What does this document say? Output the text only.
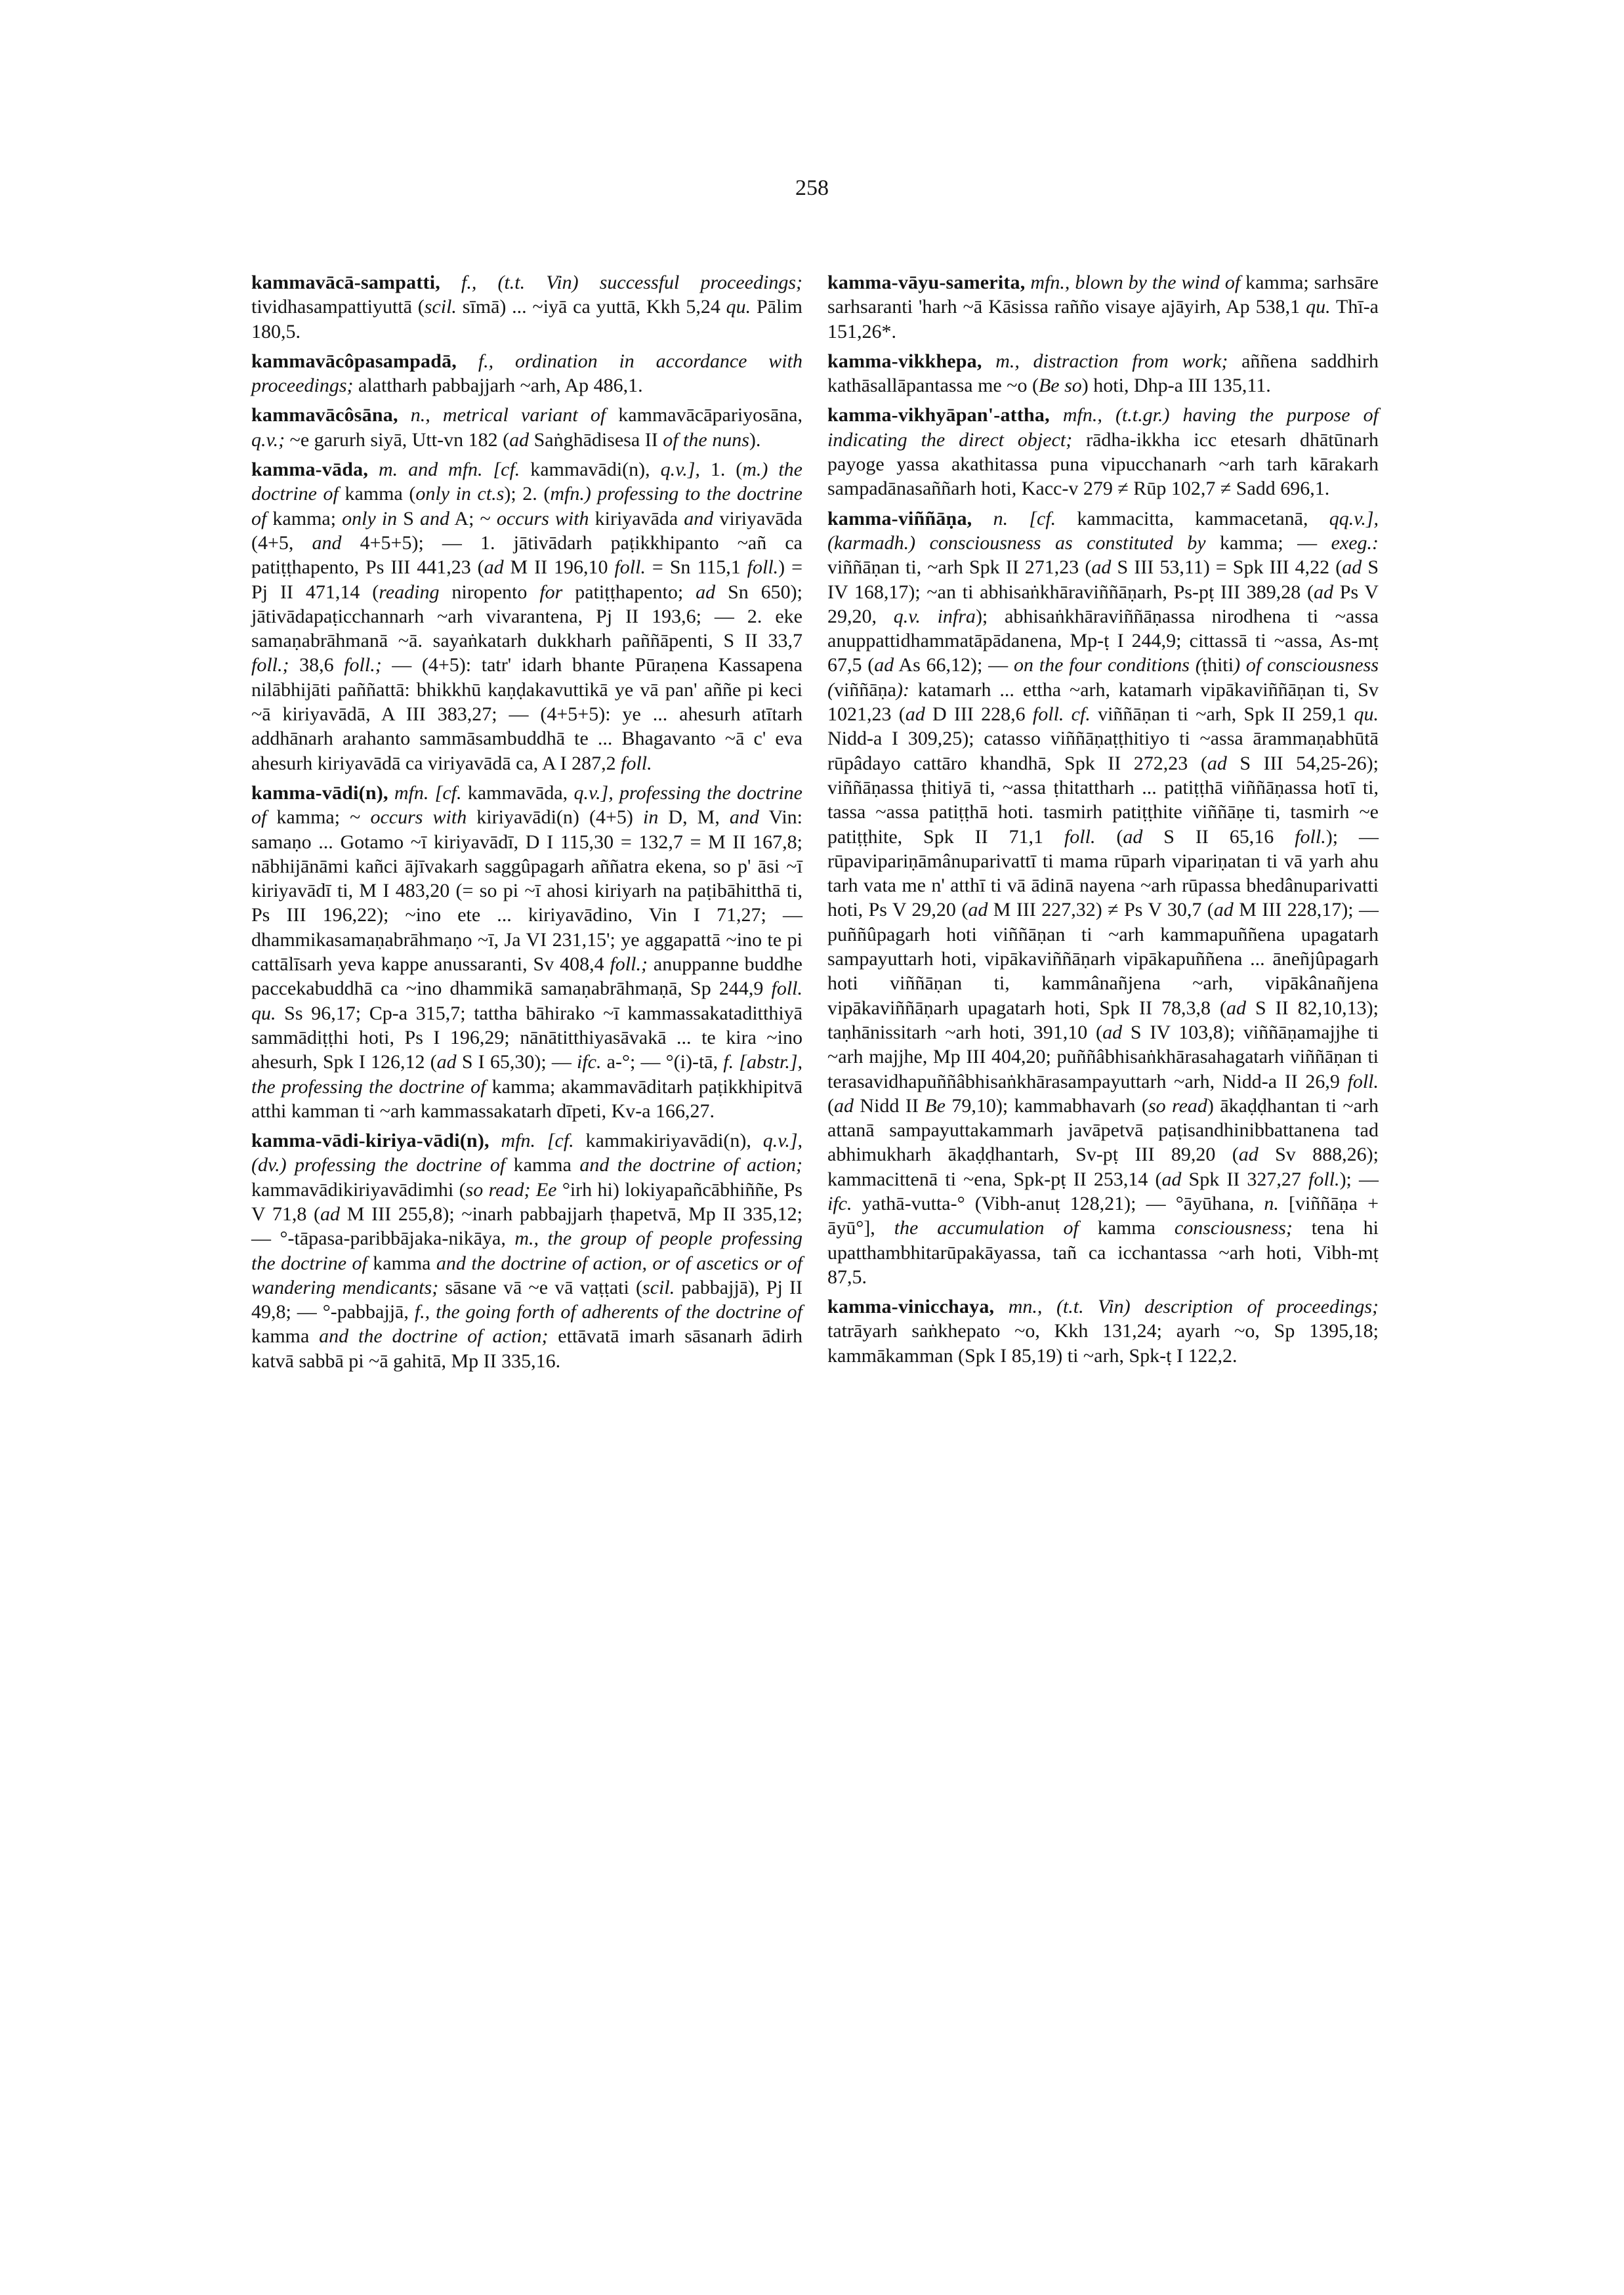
258

kammavācā-sampatti, f., (t.t. Vin) successful proceedings; tividhasampattiyuttā (scil. sīmā) ... ~iyā ca yuttā, Kkh 5,24 qu. Pālim 180,5.

kammavācôpasampadā, f., ordination in accordance with proceedings; alattharh pabbajjarh ~arh, Ap 486,1.

kammavācôsāna, n., metrical variant of kammavācāpariyosāna, q.v.; ~e garurh siyā, Utt-vn 182 (ad Saṅghādisesa II of the nuns).

kamma-vāda, m. and mfn. [cf. kammavādi(n), q.v.], 1. (m.) the doctrine of kamma (only in ct.s); 2. (mfn.) professing to the doctrine of kamma; only in S and A; ~ occurs with kiriyavāda and viriyavāda (4+5, and 4+5+5); — 1. jātivādarh paṭikkhipanto ~añ ca patiṭṭhapento, Ps III 441,23 (ad M II 196,10 foll. = Sn 115,1 foll.) = Pj II 471,14 (reading niropento for patiṭṭhapento; ad Sn 650); jātivādapaṭicchannarh ~arh vivarantena, Pj II 193,6; — 2. eke samaṇabrāhmanā ~ā. sayaṅkatarh dukkharh paññāpenti, S II 33,7 foll.; 38,6 foll.; — (4+5): tatr' idarh bhante Pūraṇena Kassapena nilābhijāti paññattā: bhikkhū kaṇḍakavuttikā ye vā pan' aññe pi keci ~ā kiriyavādā, A III 383,27; — (4+5+5): ye ... ahesurh atītarh addhānarh arahanto sammāsambuddhā te ... Bhagavanto ~ā c' eva ahesurh kiriyavādā ca viriyavādā ca, A I 287,2 foll.

kamma-vādi(n), mfn. [cf. kammavāda, q.v.], professing the doctrine of kamma; ~ occurs with kiriyavādi(n) (4+5) in D, M, and Vin: samaṇo ... Gotamo ~ī kiriyavādī, D I 115,30 = 132,7 = M II 167,8; nābhijānāmi kañci ājīvakarh saggûpagarh aññatra ekena, so p' āsi ~ī kiriyavādī ti, M I 483,20 (= so pi ~ī ahosi kiriyarh na paṭibāhitthā ti, Ps III 196,22); ~ino ete ... kiriyavādino, Vin I 71,27; — dhammikasamaṇabrāhmaṇo ~ī, Ja VI 231,15'; ye aggapattā ~ino te pi cattālīsarh yeva kappe anussaranti, Sv 408,4 foll.; anuppanne buddhe paccekabuddhā ca ~ino dhammikā samaṇabrāhmaṇā, Sp 244,9 foll. qu. Ss 96,17; Cp-a 315,7; tattha bāhirako ~ī kammassakataditthiyā sammādiṭṭhi hoti, Ps I 196,29; nānātitthiyasāvakā ... te kira ~ino ahesurh, Spk I 126,12 (ad S I 65,30); — ifc. a-°; — °(i)-tā, f. [abstr.], the professing the doctrine of kamma; akammavāditarh paṭikkhipitvā atthi kamman ti ~arh kammassakatarh dīpeti, Kv-a 166,27.

kamma-vādi-kiriya-vādi(n), mfn. [cf. kammakiriyavādi(n), q.v.], (dv.) professing the doctrine of kamma and the doctrine of action; kammavādikiriyavādimhi (so read; Ee °irh hi) lokiyapañcābhiññe, Ps V 71,8 (ad M III 255,8); ~inarh pabbajjarh ṭhapetvā, Mp II 335,12; — °-tāpasa-paribbājaka-nikāya, m., the group of people professing the doctrine of kamma and the doctrine of action, or of ascetics or of wandering mendicants; sāsane vā ~e vā vaṭṭati (scil. pabbajjā), Pj II 49,8; — °-pabbajjā, f., the going forth of adherents of the doctrine of kamma and the doctrine of action; ettāvatā imarh sāsanarh ādirh katvā sabbā pi ~ā gahitā, Mp II 335,16.

kamma-vāyu-samerita, mfn., blown by the wind of kamma; sarhsāre sarhsaranti 'harh ~ā Kāsissa rañño visaye ajāyirh, Ap 538,1 qu. Thī-a 151,26*.

kamma-vikkhepa, m., distraction from work; aññena saddhirh kathāsallāpantassa me ~o (Be so) hoti, Dhp-a III 135,11.

kamma-vikhyāpan'-attha, mfn., (t.t.gr.) having the purpose of indicating the direct object; rādha-ikkha icc etesarh dhātūnarh payoge yassa akathitassa puna vipucchanarh ~arh tarh kārakarh sampadānasaññarh hoti, Kacc-v 279 ≠ Rūp 102,7 ≠ Sadd 696,1.

kamma-viññāṇa, n. [cf. kammacitta, kammacetanā, qq.v.], (karmadh.) consciousness as constituted by kamma; — exeg.: viññāṇan ti, ~arh Spk II 271,23 (ad S III 53,11) = Spk III 4,22 (ad S IV 168,17); ~an ti abhisaṅkhāraviññāṇarh, Ps-pṭ III 389,28 (ad Ps V 29,20, q.v. infra); abhisaṅkhāraviññāṇassa nirodhena ti ~assa anuppattidhammatāpādanena, Mp-ṭ I 244,9; cittassā ti ~assa, As-mṭ 67,5 (ad As 66,12); — on the four conditions (ṭhiti) of consciousness (viññāṇa): katamarh ... ettha ~arh, katamarh vipākaviññāṇan ti, Sv 1021,23 (ad D III 228,6 foll. cf. viññāṇan ti ~arh, Spk II 259,1 qu. Nidd-a I 309,25); catasso viññāṇaṭṭhitiyo ti ~assa ārammaṇabhūtā rūpâdayo cattāro khandhā, Spk II 272,23 (ad S III 54,25-26); viññāṇassa ṭhitiyā ti, ~assa ṭhitattharh ... patiṭṭhā viññāṇassa hotī ti, tassa ~assa patiṭṭhā hoti. tasmirh patiṭṭhite viññāṇe ti, tasmirh ~e patiṭṭhite, Spk II 71,1 foll. (ad S II 65,16 foll.); — rūpavipariṇāmânuparivattī ti mama rūparh vipariṇatan ti vā yarh ahu tarh vata me n' atthī ti vā ādinā nayena ~arh rūpassa bhedânuparivatti hoti, Ps V 29,20 (ad M III 227,32) ≠ Ps V 30,7 (ad M III 228,17); — puññûpagarh hoti viññāṇan ti ~arh kammapuññena upagatarh sampayuttarh hoti, vipākaviññāṇarh vipākapuññena ... āneñjûpagarh hoti viññāṇan ti, kammânañjena ~arh, vipākânañjena vipākaviññāṇarh upagatarh hoti, Spk II 78,3,8 (ad S II 82,10,13); taṇhānissitarh ~arh hoti, 391,10 (ad S IV 103,8); viññāṇamajjhe ti ~arh majjhe, Mp III 404,20; puññâbhisaṅkhārasahagatarh viññāṇan ti terasavidhapuññâbhisaṅkhārasampayuttarh ~arh, Nidd-a II 26,9 foll. (ad Nidd II Be 79,10); kammabhavarh (so read) ākaḍḍhantan ti ~arh attanā sampayuttakammarh javāpetvā paṭisandhinibbattanena tad abhimukharh ākaḍḍhantarh, Sv-pṭ III 89,20 (ad Sv 888,26); kammacittenā ti ~ena, Spk-pṭ II 253,14 (ad Spk II 327,27 foll.); — ifc. yathā-vutta-° (Vibh-anuṭ 128,21); — °āyūhana, n. [viññāṇa + āyū°], the accumulation of kamma consciousness; tena hi upatthambhitarūpakāyassa, tañ ca icchantassa ~arh hoti, Vibh-mṭ 87,5.

kamma-vinicchaya, mn., (t.t. Vin) description of proceedings; tatrāyarh saṅkhepato ~o, Kkh 131,24; ayarh ~o, Sp 1395,18; kammākamman (Spk I 85,19) ti ~arh, Spk-ṭ I 122,2.
